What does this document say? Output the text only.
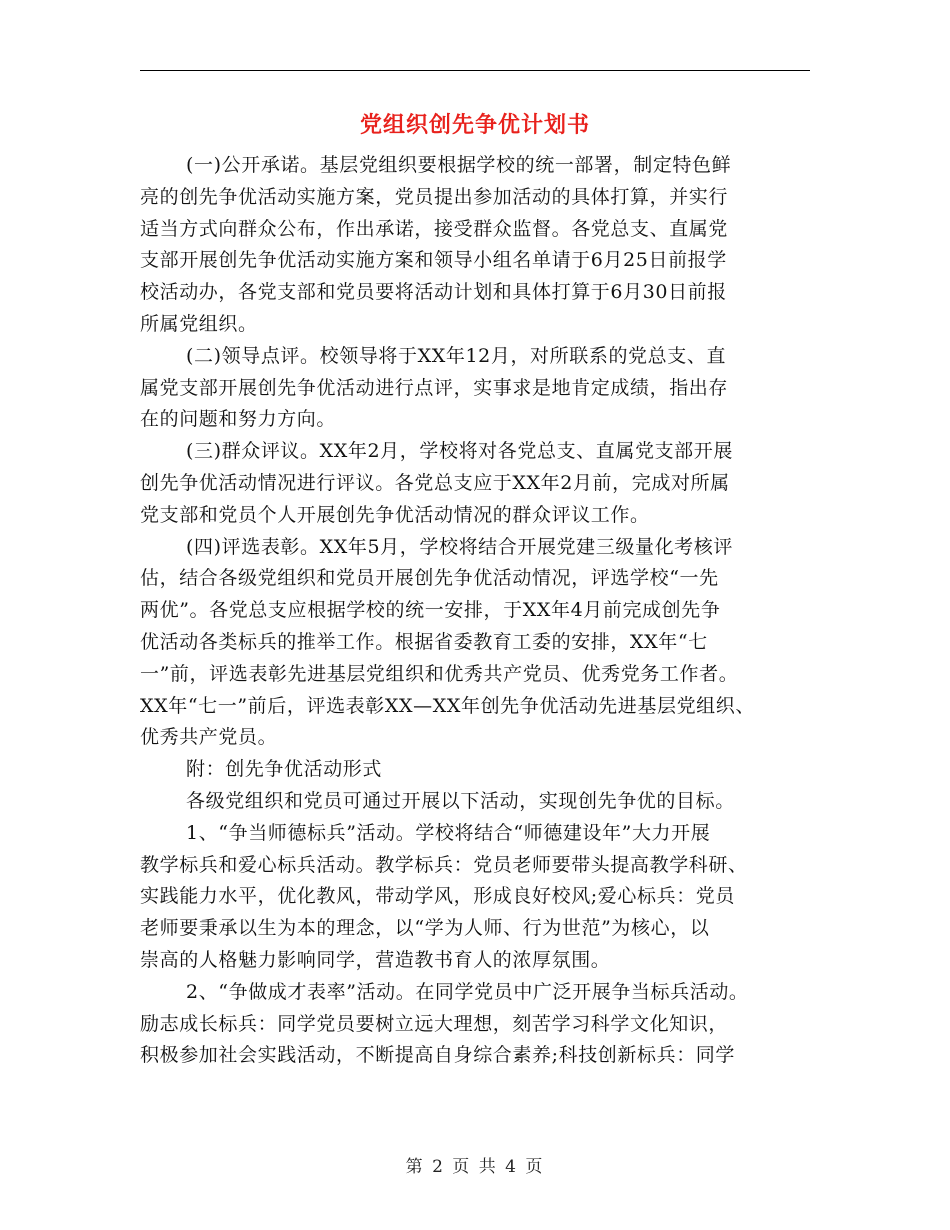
党组织创先争优计划书
(一)公开承诺。基层党组织要根据学校的统一部署，制定特色鲜
亮的创先争优活动实施方案，党员提出参加活动的具体打算，并实行
适当方式向群众公布，作出承诺，接受群众监督。各党总支、直属党
支部开展创先争优活动实施方案和领导小组名单请于6月25日前报学
校活动办，各党支部和党员要将活动计划和具体打算于6月30日前报
所属党组织。
(二)领导点评。校领导将于XX年12月，对所联系的党总支、直
属党支部开展创先争优活动进行点评，实事求是地肯定成绩，指出存
在的问题和努力方向。
(三)群众评议。XX年2月，学校将对各党总支、直属党支部开展
创先争优活动情况进行评议。各党总支应于XX年2月前，完成对所属
党支部和党员个人开展创先争优活动情况的群众评议工作。
(四)评选表彰。XX年5月，学校将结合开展党建三级量化考核评
估，结合各级党组织和党员开展创先争优活动情况，评选学校“一先
两优”。各党总支应根据学校的统一安排，于XX年4月前完成创先争
优活动各类标兵的推举工作。根据省委教育工委的安排，XX年“七
一”前，评选表彰先进基层党组织和优秀共产党员、优秀党务工作者。
XX年“七一”前后，评选表彰XX—XX年创先争优活动先进基层党组织、
优秀共产党员。
附：创先争优活动形式
各级党组织和党员可通过开展以下活动，实现创先争优的目标。
1、“争当师德标兵”活动。学校将结合“师德建设年”大力开展
教学标兵和爱心标兵活动。教学标兵：党员老师要带头提高教学科研、
实践能力水平，优化教风，带动学风，形成良好校风;爱心标兵：党员
老师要秉承以生为本的理念，以“学为人师、行为世范”为核心，以
崇高的人格魅力影响同学，营造教书育人的浓厚氛围。
2、“争做成才表率”活动。在同学党员中广泛开展争当标兵活动。
励志成长标兵：同学党员要树立远大理想，刻苦学习科学文化知识，
积极参加社会实践活动，不断提高自身综合素养;科技创新标兵：同学
第 2 页 共 4 页
